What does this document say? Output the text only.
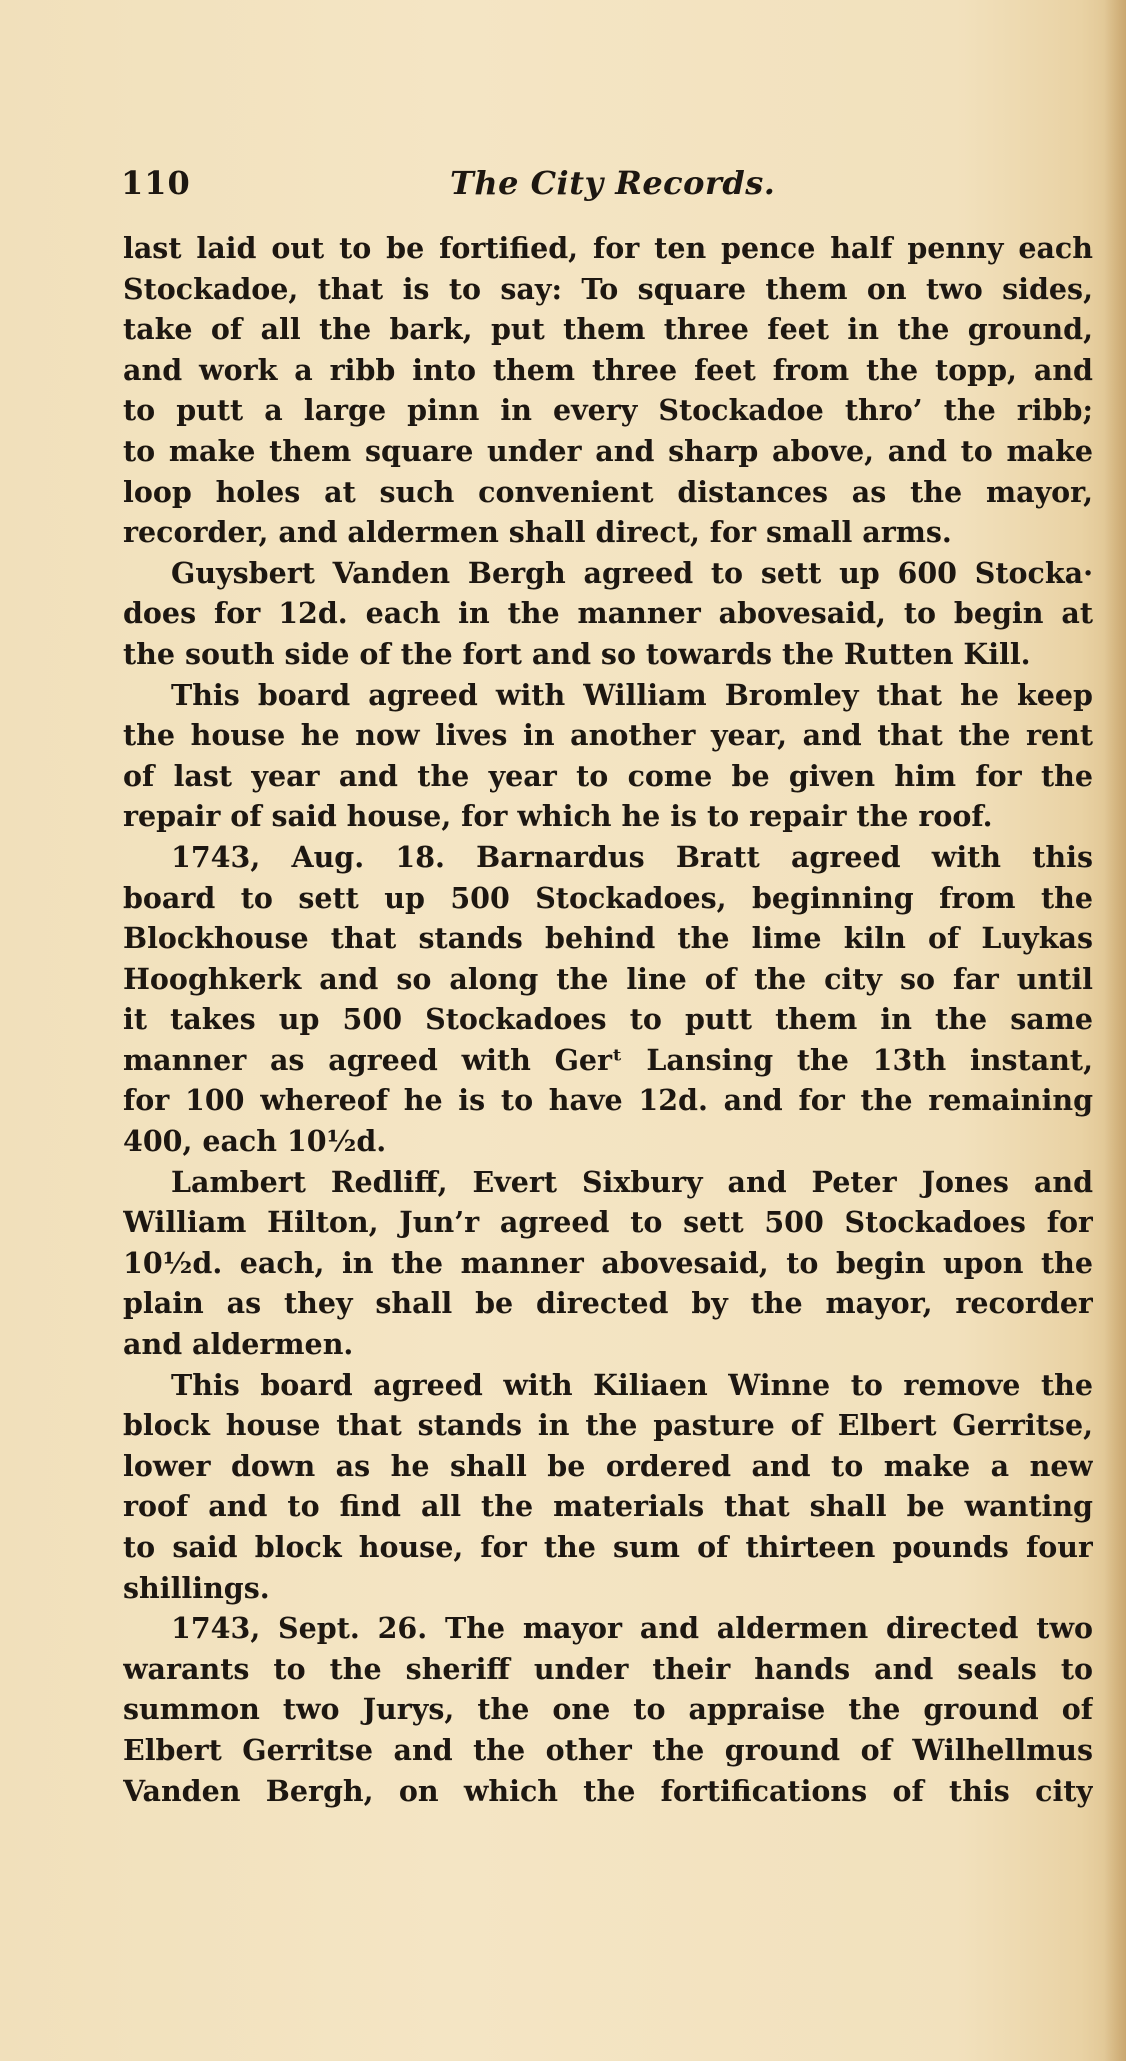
110	The City Records.
last laid out to be fortified, for ten pence half penny each
Stockadoe, that is to say: To square them on two sides,
take of all the bark, put them three feet in the ground,
and work a ribb into them three feet from the topp, and
to putt a large pinn in every Stockadoe thro’ the ribb;
to make them square under and sharp above, and to make
loop holes at such convenient distances as the mayor,
recorder, and aldermen shall direct, for small arms.
Guysbert Vanden Bergh agreed to sett up 600 Stocka·
does for 12d. each in the manner abovesaid, to begin at
the south side of the fort and so towards the Rutten Kill.
This board agreed with William Bromley that he keep
the house he now lives in another year, and that the rent
of last year and the year to come be given him for the
repair of said house, for which he is to repair the roof.
1743, Aug. 18. Barnardus Bratt agreed with this
board to sett up 500 Stockadoes, beginning from the
Blockhouse that stands behind the lime kiln of Luykas
Hooghkerk and so along the line of the city so far until
it takes up 500 Stockadoes to putt them in the same
manner as agreed with Gerᵗ Lansing the 13th instant,
for 100 whereof he is to have 12d. and for the remaining
400, each 10½d.
Lambert Redliff, Evert Sixbury and Peter Jones and
William Hilton, Jun’r agreed to sett 500 Stockadoes for
10½d. each, in the manner abovesaid, to begin upon the
plain as they shall be directed by the mayor, recorder
and aldermen.
This board agreed with Kiliaen Winne to remove the
block house that stands in the pasture of Elbert Gerritse,
lower down as he shall be ordered and to make a new
roof and to find all the materials that shall be wanting
to said block house, for the sum of thirteen pounds four
shillings.
1743, Sept. 26. The mayor and aldermen directed two
warants to the sheriff under their hands and seals to
summon two Jurys, the one to appraise the ground of
Elbert Gerritse and the other the ground of Wilhellmus
Vanden Bergh, on which the fortifications of this city
